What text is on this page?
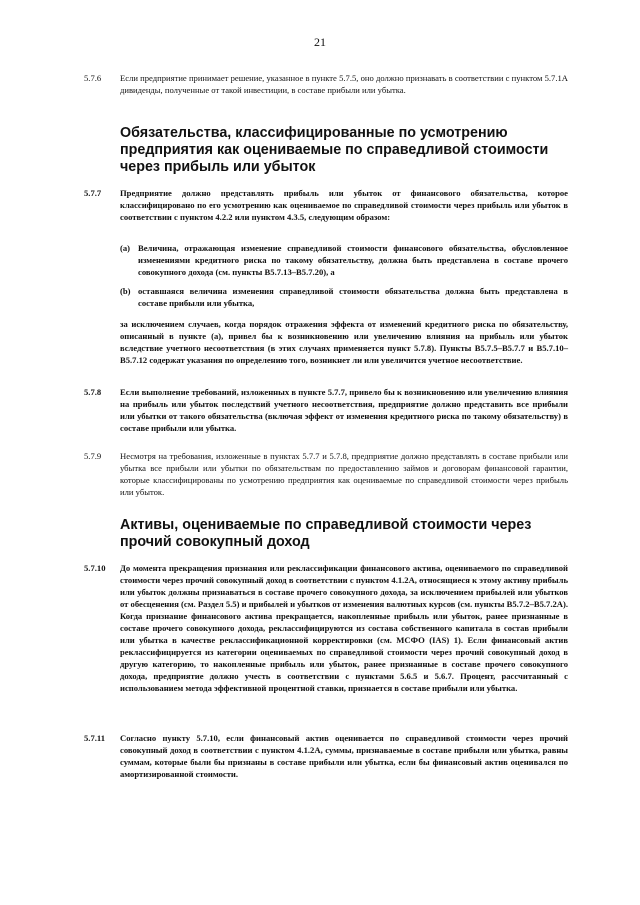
21
5.7.6	Если предприятие принимает решение, указанное в пункте 5.7.5, оно должно признавать в соответствии с пунктом 5.7.1А дивиденды, полученные от такой инвестиции, в составе прибыли или убытка.
Обязательства, классифицированные по усмотрению предприятия как оцениваемые по справедливой стоимости через прибыль или убыток
5.7.7	Предприятие должно представлять прибыль или убыток от финансового обязательства, которое классифицировано по его усмотрению как оцениваемое по справедливой стоимости через прибыль или убыток в соответствии с пунктом 4.2.2 или пунктом 4.3.5, следующим образом:
(a) Величина, отражающая изменение справедливой стоимости финансового обязательства, обусловленное изменениями кредитного риска по такому обязательству, должна быть представлена в составе прочего совокупного дохода (см. пункты B5.7.13–B5.7.20), а
(b) оставшаяся величина изменения справедливой стоимости обязательства должна быть представлена в составе прибыли или убытка,
за исключением случаев, когда порядок отражения эффекта от изменений кредитного риска по обязательству, описанный в пункте (а), привел бы к возникновению или увеличению влияния на прибыль или убыток вследствие учетного несоответствия (в этих случаях применяется пункт 5.7.8). Пункты B5.7.5–B5.7.7 и B5.7.10–B5.7.12 содержат указания по определению того, возникнет ли или увеличится учетное несоответствие.
5.7.8	Если выполнение требований, изложенных в пункте 5.7.7, привело бы к возникновению или увеличению влияния на прибыль или убыток последствий учетного несоответствия, предприятие должно представить все прибыли или убытки от такого обязательства (включая эффект от изменения кредитного риска по такому обязательству) в составе прибыли или убытка.
5.7.9	Несмотря на требования, изложенные в пунктах 5.7.7 и 5.7.8, предприятие должно представлять в составе прибыли или убытка все прибыли или убытки по обязательствам по предоставлению займов и договорам финансовой гарантии, которые классифицированы по усмотрению предприятия как оцениваемые по справедливой стоимости через прибыль или убыток.
Активы, оцениваемые по справедливой стоимости через прочий совокупный доход
5.7.10	До момента прекращения признания или реклассификации финансового актива, оцениваемого по справедливой стоимости через прочий совокупный доход в соответствии с пунктом 4.1.2А, относящиеся к этому активу прибыль или убыток должны признаваться в составе прочего совокупного дохода, за исключением прибылей или убытков от обесценения (см. Раздел 5.5) и прибылей и убытков от изменения валютных курсов (см. пункты B5.7.2–B5.7.2А). Когда признание финансового актива прекращается, накопленные прибыль или убыток, ранее признанные в составе прочего совокупного дохода, реклассифицируются из состава собственного капитала в состав прибыли или убытка в качестве реклассификационной корректировки (см. МСФО (IAS) 1). Если финансовый актив реклассифицируется из категории оцениваемых по справедливой стоимости через прочий совокупный доход в другую категорию, то накопленные прибыль или убыток, ранее признанные в составе прочего совокупного дохода, предприятие должно учесть в соответствии с пунктами 5.6.5 и 5.6.7. Процент, рассчитанный с использованием метода эффективной процентной ставки, признается в составе прибыли или убытка.
5.7.11	Согласно пункту 5.7.10, если финансовый актив оценивается по справедливой стоимости через прочий совокупный доход в соответствии с пунктом 4.1.2А, суммы, признаваемые в составе прибыли или убытка, равны суммам, которые были бы признаны в составе прибыли или убытка, если бы финансовый актив оценивался по амортизированной стоимости.
